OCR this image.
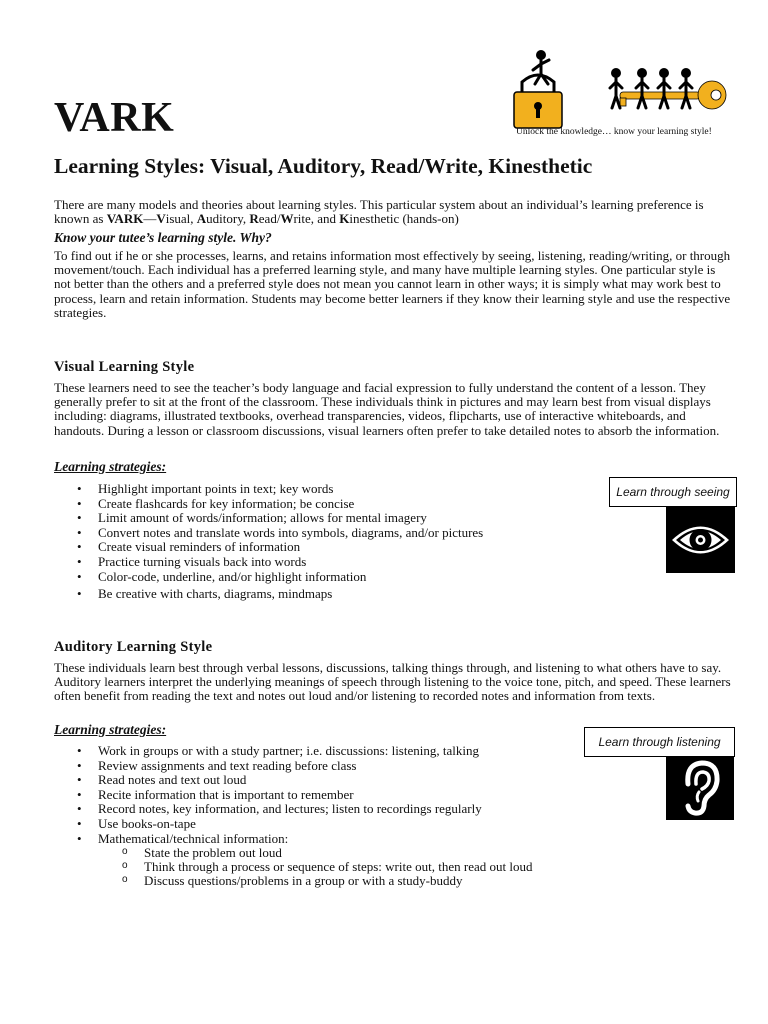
VARK	Unlock the knowledge… know your learning style!
Learning Styles: Visual, Auditory, Read/Write, Kinesthetic

There are many models and theories about learning styles. This particular system about an individual’s learning preference is known as VARK—Visual, Auditory, Read/Write, and Kinesthetic (hands-on)

Know your tutee’s learning style. Why?

To find out if he or she processes, learns, and retains information most effectively by seeing, listening, reading/writing, or through movement/touch. Each individual has a preferred learning style, and many have multiple learning styles. One particular style is not better than the others and a preferred style does not mean you cannot learn in other ways; it is simply what may work best to process, learn and retain information. Students may become better learners if they know their learning style and use the respective strategies.

Visual Learning Style

These learners need to see the teacher’s body language and facial expression to fully understand the content of a lesson. They generally prefer to sit at the front of the classroom. These individuals think in pictures and may learn best from visual displays including: diagrams, illustrated textbooks, overhead transparencies, videos, flipcharts, use of interactive whiteboards, and handouts. During a lesson or classroom discussions, visual learners often prefer to take detailed notes to absorb the information.

Learning strategies:
• Highlight important points in text; key words
• Create flashcards for key information; be concise
• Limit amount of words/information; allows for mental imagery
• Convert notes and translate words into symbols, diagrams, and/or pictures
• Create visual reminders of information
• Practice turning visuals back into words
• Color-code, underline, and/or highlight information
• Be creative with charts, diagrams, mindmaps
Learn through seeing
Auditory Learning Style

These individuals learn best through verbal lessons, discussions, talking things through, and listening to what others have to say. Auditory learners interpret the underlying meanings of speech through listening to the voice tone, pitch, and speed. These learners often benefit from reading the text and notes out loud and/or listening to recorded notes and information from texts.

Learning strategies:
• Work in groups or with a study partner; i.e. discussions: listening, talking
• Review assignments and text reading before class
• Read notes and text out loud
• Recite information that is important to remember
• Record notes, key information, and lectures; listen to recordings regularly
• Use books-on-tape
• Mathematical/technical information:
o State the problem out loud
o Think through a process or sequence of steps: write out, then read out loud
o Discuss questions/problems in a group or with a study-buddy
Learn through listening
